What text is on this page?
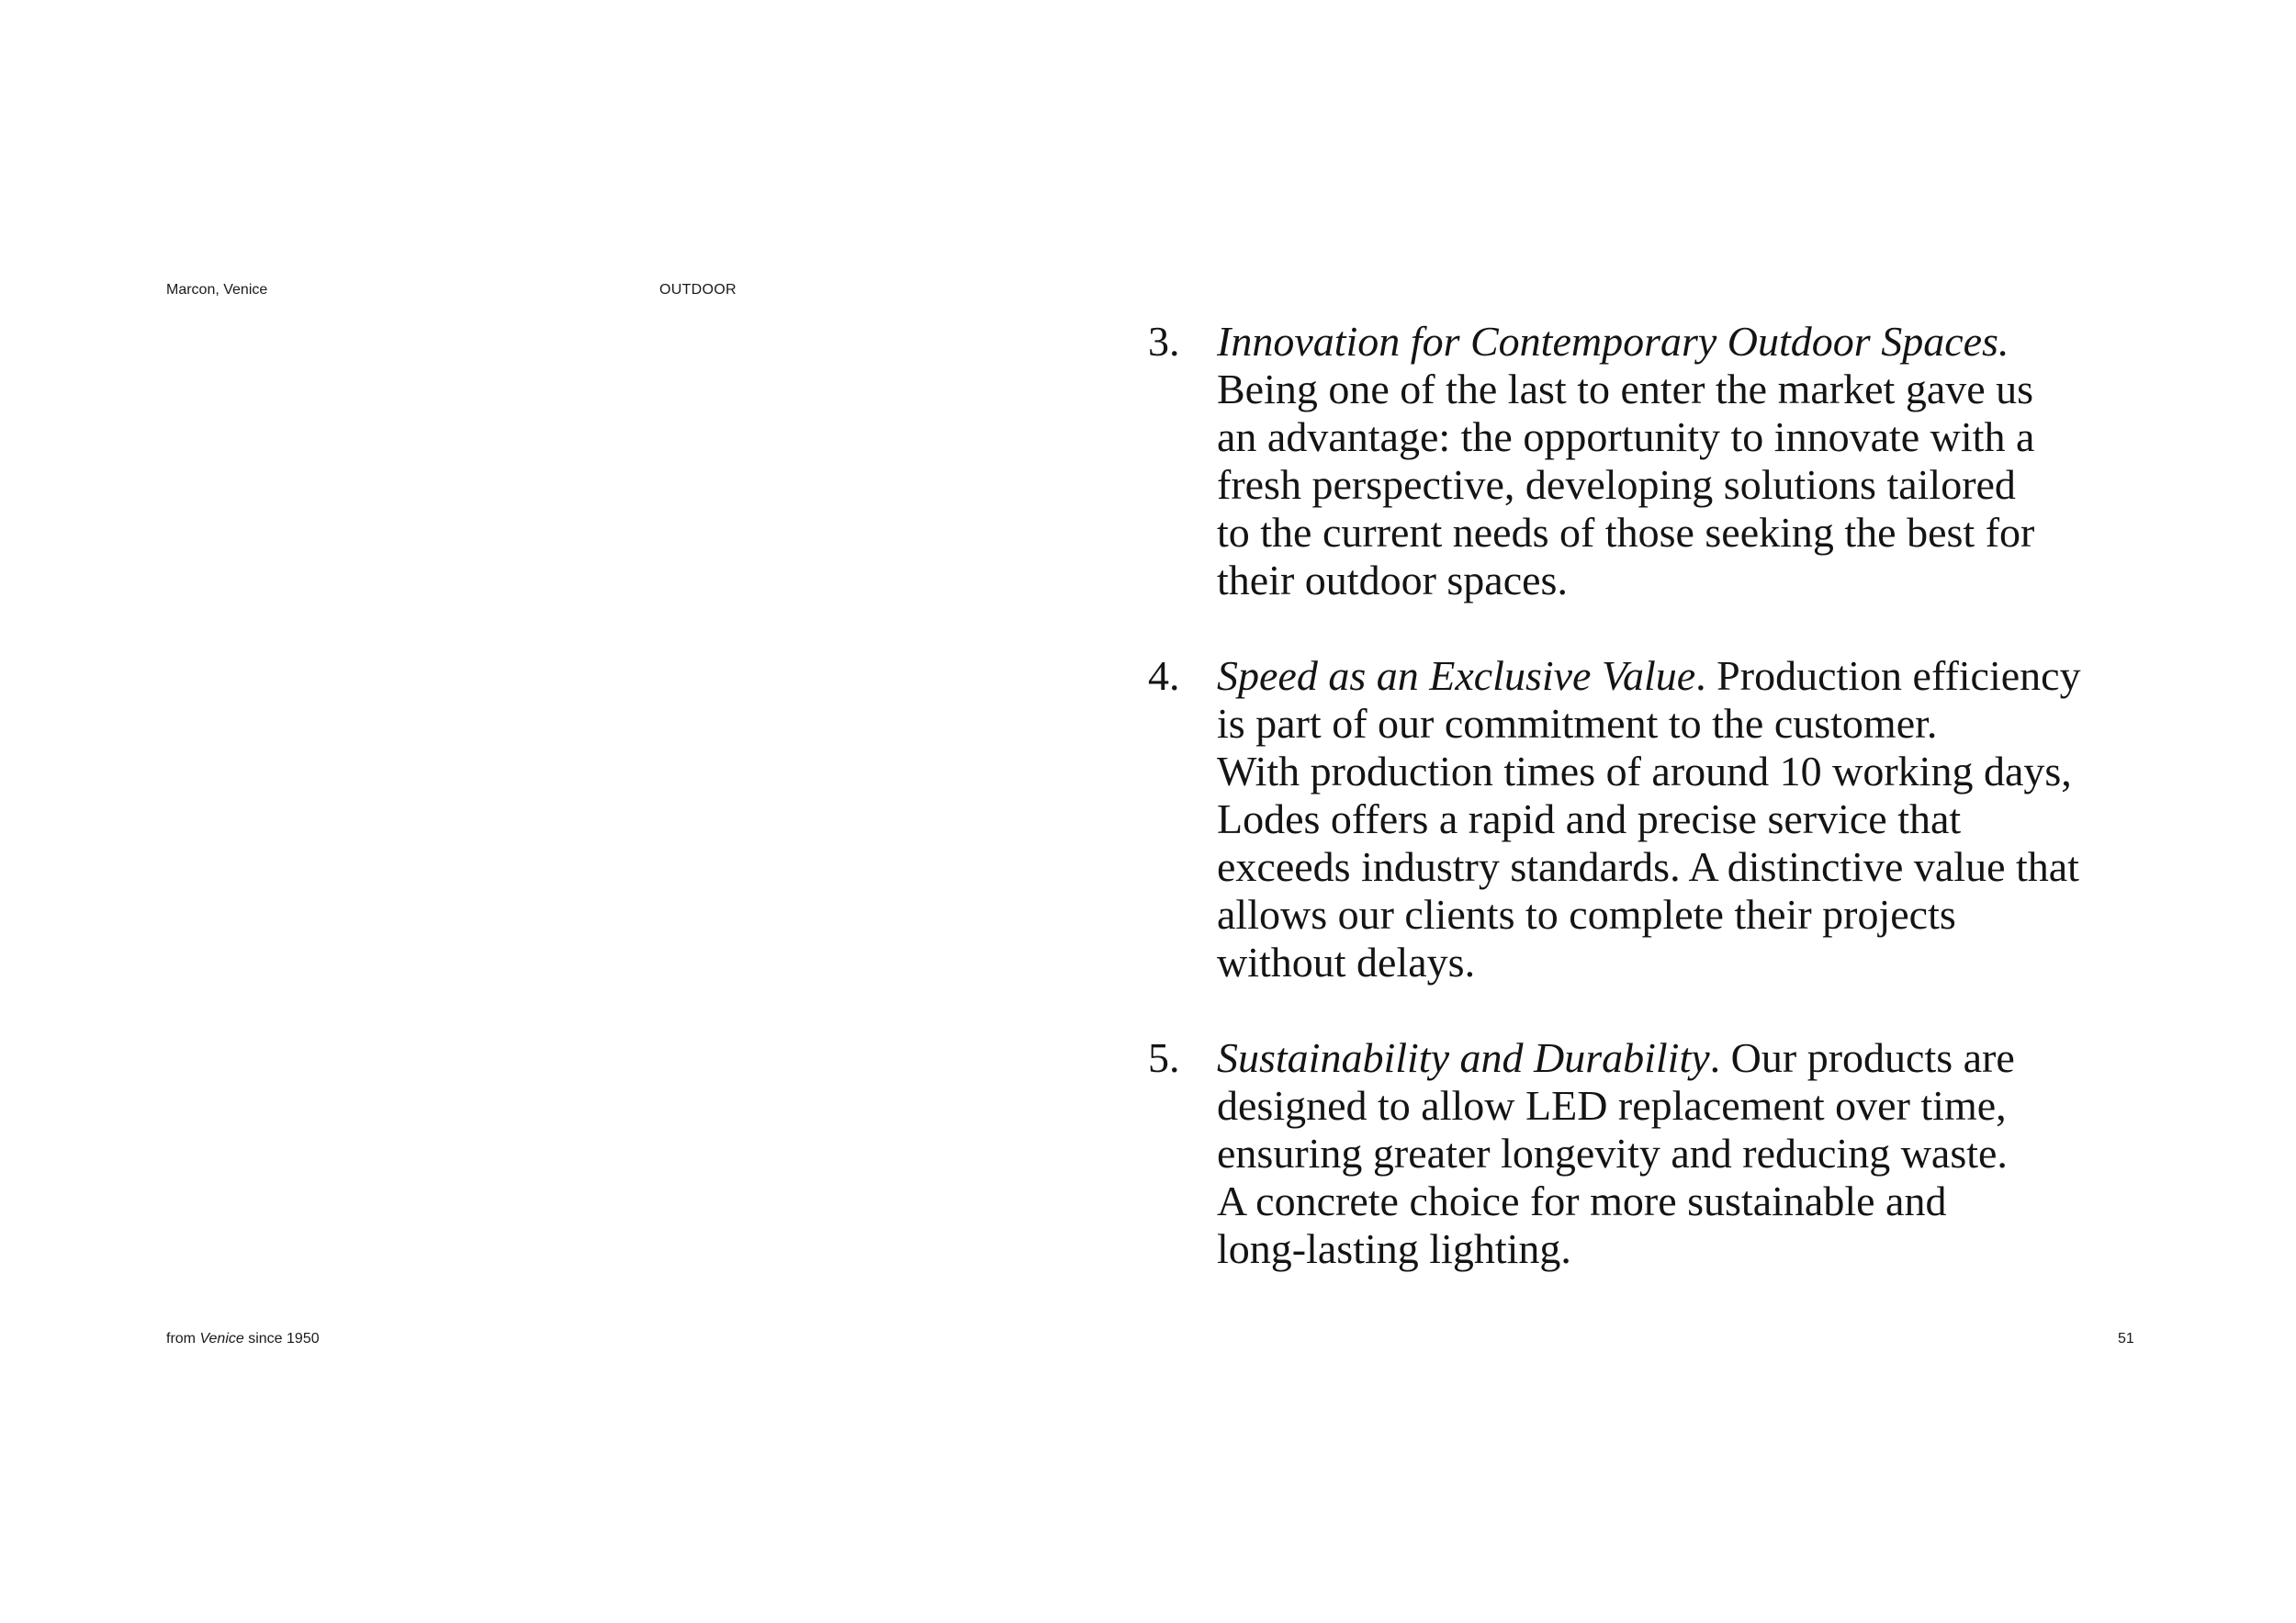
Marcon, Venice	OUTDOOR
3. Innovation for Contemporary Outdoor Spaces.
Being one of the last to enter the market gave us
an advantage: the opportunity to innovate with a
fresh perspective, developing solutions tailored
to the current needs of those seeking the best for
their outdoor spaces.
4. Speed as an Exclusive Value. Production efficiency
is part of our commitment to the customer.
With production times of around 10 working days,
Lodes offers a rapid and precise service that
exceeds industry standards. A distinctive value that
allows our clients to complete their projects
without delays.
5. Sustainability and Durability. Our products are
designed to allow LED replacement over time,
ensuring greater longevity and reducing waste.
A concrete choice for more sustainable and
long-lasting lighting.
from Venice since 1950	51
